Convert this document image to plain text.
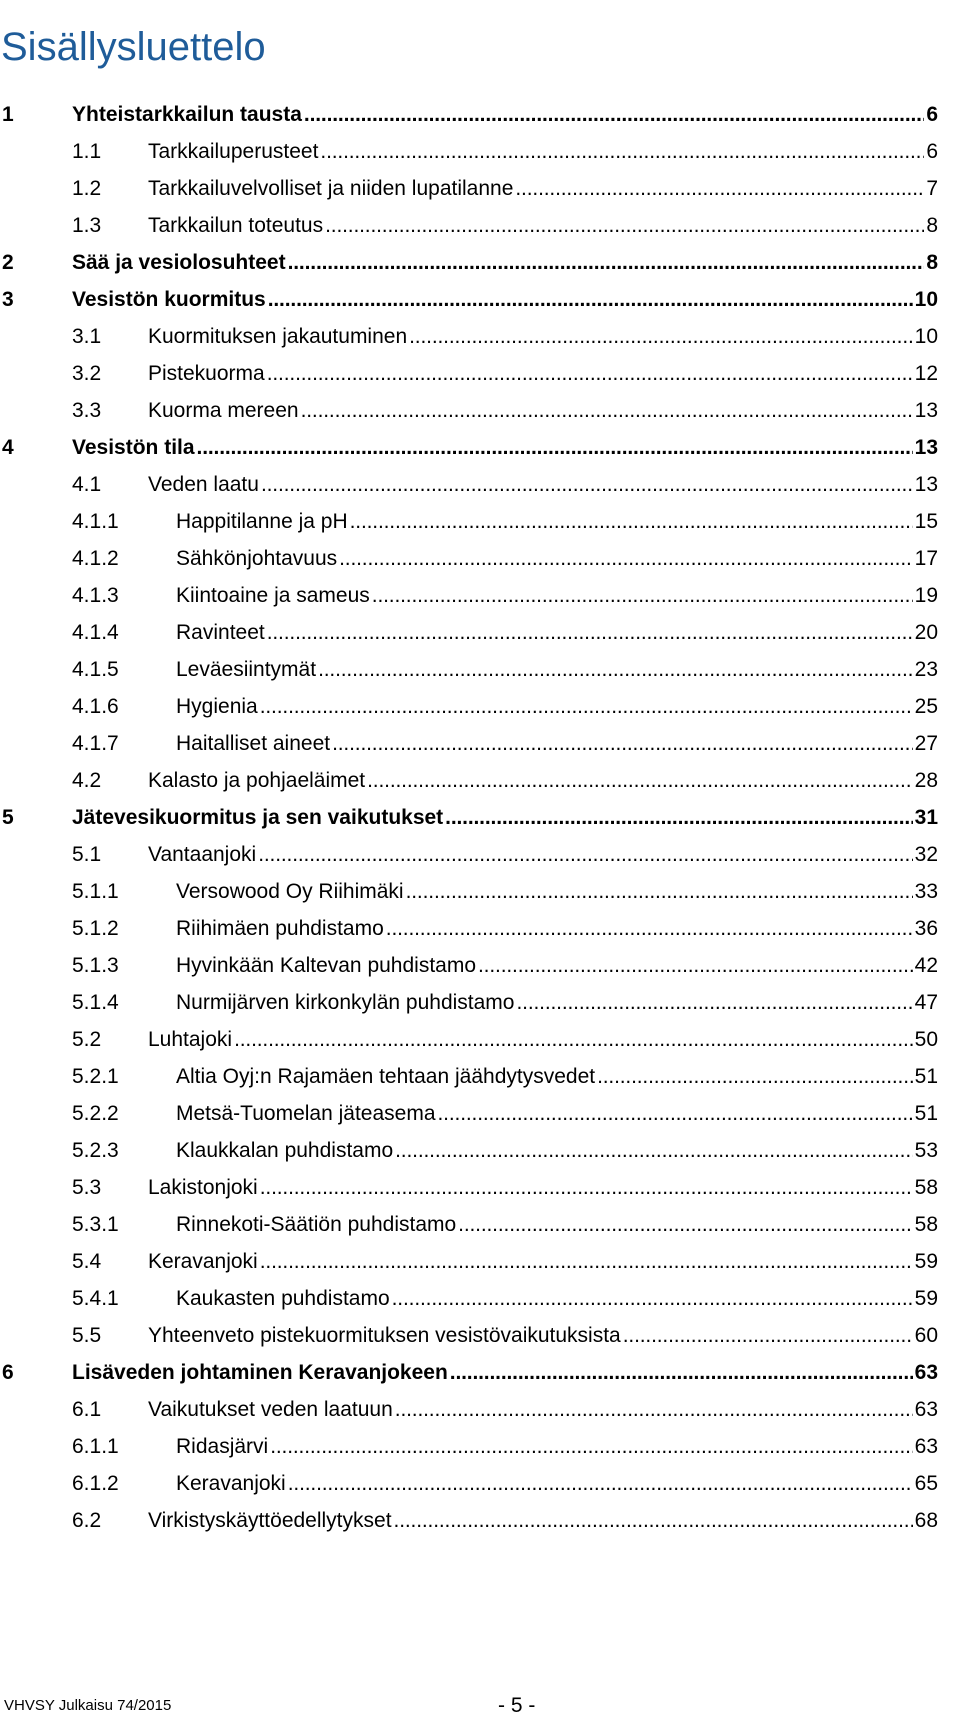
Sisällysluettelo
1	Yhteistarkkailun tausta . . .	6
1.1 Tarkkailuperusteet . . .	6
1.2 Tarkkailuvelvolliset ja niiden lupatilanne . . .	7
1.3 Tarkkailun toteutus . . .	8
2	Sää ja vesiolosuhteet . . .	8
3	Vesistön kuormitus . . .	10
3.1 Kuormituksen jakautuminen . . .	10
3.2 Pistekuorma . . .	12
3.3 Kuorma mereen . . .	13
4	Vesistön tila . . .	13
4.1 Veden laatu . . .	13
4.1.1	Happitilanne ja pH . . .	15
4.1.2	Sähkönjohtavuus . . .	17
4.1.3	Kiintoaine ja sameus . . .	19
4.1.4	Ravinteet . . .	20
4.1.5	Leväesiintymät . . .	23
4.1.6	Hygienia . . .	25
4.1.7	Haitalliset aineet . . .	27
4.2 Kalasto ja pohjaeläimet . . .	28
5	Jätevesikuormitus ja sen vaikutukset . . .	31
5.1 Vantaanjoki . . .	32
5.1.1	Versowood Oy Riihimäki . . .	33
5.1.2	Riihimäen puhdistamo . . .	36
5.1.3	Hyvinkään Kaltevan puhdistamo . . .	42
5.1.4	Nurmijärven kirkonkylän puhdistamo . . .	47
5.2 Luhtajoki . . .	50
5.2.1	Altia Oyj:n Rajamäen tehtaan jäähdytysvedet . . .	51
5.2.2	Metsä-Tuomelan jäteasema . . .	51
5.2.3	Klaukkalan puhdistamo . . .	53
5.3 Lakistonjoki . . .	58
5.3.1	Rinnekoti-Säätiön puhdistamo . . .	58
5.4 Keravanjoki . . .	59
5.4.1	Kaukasten puhdistamo . . .	59
5.5 Yhteenveto pistekuormituksen vesistövaikutuksista . . .	60
6	Lisäveden johtaminen Keravanjokeen . . .	63
6.1 Vaikutukset veden laatuun . . .	63
6.1.1	Ridasjärvi . . .	63
6.1.2	Keravanjoki . . .	65
6.2 Virkistyskäyttöedellytykset . . .	68
VHVSY Julkaisu 74/2015	- 5 -
